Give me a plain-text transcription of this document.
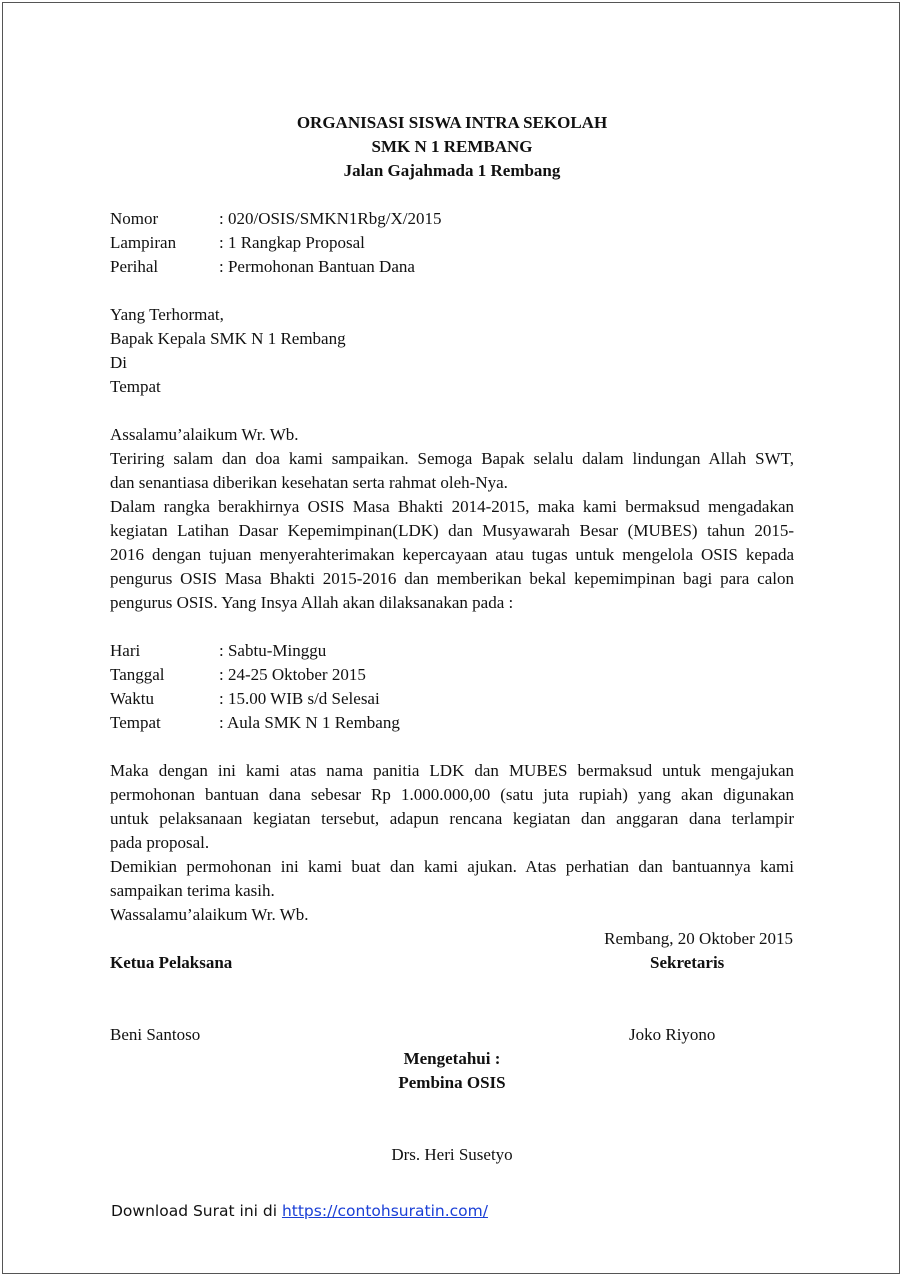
ORGANISASI SISWA INTRA SEKOLAH
SMK N 1 REMBANG
Jalan Gajahmada 1 Rembang
Nomor	: 020/OSIS/SMKN1Rbg/X/2015
Lampiran	: 1 Rangkap Proposal
Perihal	: Permohonan Bantuan Dana
Yang Terhormat,
Bapak Kepala SMK N 1 Rembang
Di
Tempat
Assalamu’alaikum Wr. Wb.
Teriring salam dan doa kami sampaikan. Semoga Bapak selalu dalam lindungan Allah SWT,
dan senantiasa diberikan kesehatan serta rahmat oleh-Nya.
Dalam rangka berakhirnya OSIS Masa Bhakti 2014-2015, maka kami bermaksud mengadakan
kegiatan Latihan Dasar Kepemimpinan(LDK) dan Musyawarah Besar (MUBES) tahun 2015-
2016 dengan tujuan menyerahterimakan kepercayaan atau tugas untuk mengelola OSIS kepada
pengurus OSIS Masa Bhakti 2015-2016 dan memberikan bekal kepemimpinan bagi para calon
pengurus OSIS. Yang Insya Allah akan dilaksanakan pada :
Hari	: Sabtu-Minggu
Tanggal	: 24-25 Oktober 2015
Waktu	: 15.00 WIB s/d Selesai
Tempat	: Aula SMK N 1 Rembang
Maka dengan ini kami atas nama panitia LDK dan MUBES bermaksud untuk mengajukan
permohonan bantuan dana sebesar Rp 1.000.000,00 (satu juta rupiah) yang akan digunakan
untuk pelaksanaan kegiatan tersebut, adapun rencana kegiatan dan anggaran dana terlampir
pada proposal.
Demikian permohonan ini kami buat dan kami ajukan. Atas perhatian dan bantuannya kami
sampaikan terima kasih.
Wassalamu’alaikum Wr. Wb.
Rembang, 20 Oktober 2015
Ketua Pelaksana	Sekretaris
Beni Santoso	Joko Riyono
Mengetahui :
Pembina OSIS
Drs. Heri Susetyo
Download Surat ini di https://contohsuratin.com/
